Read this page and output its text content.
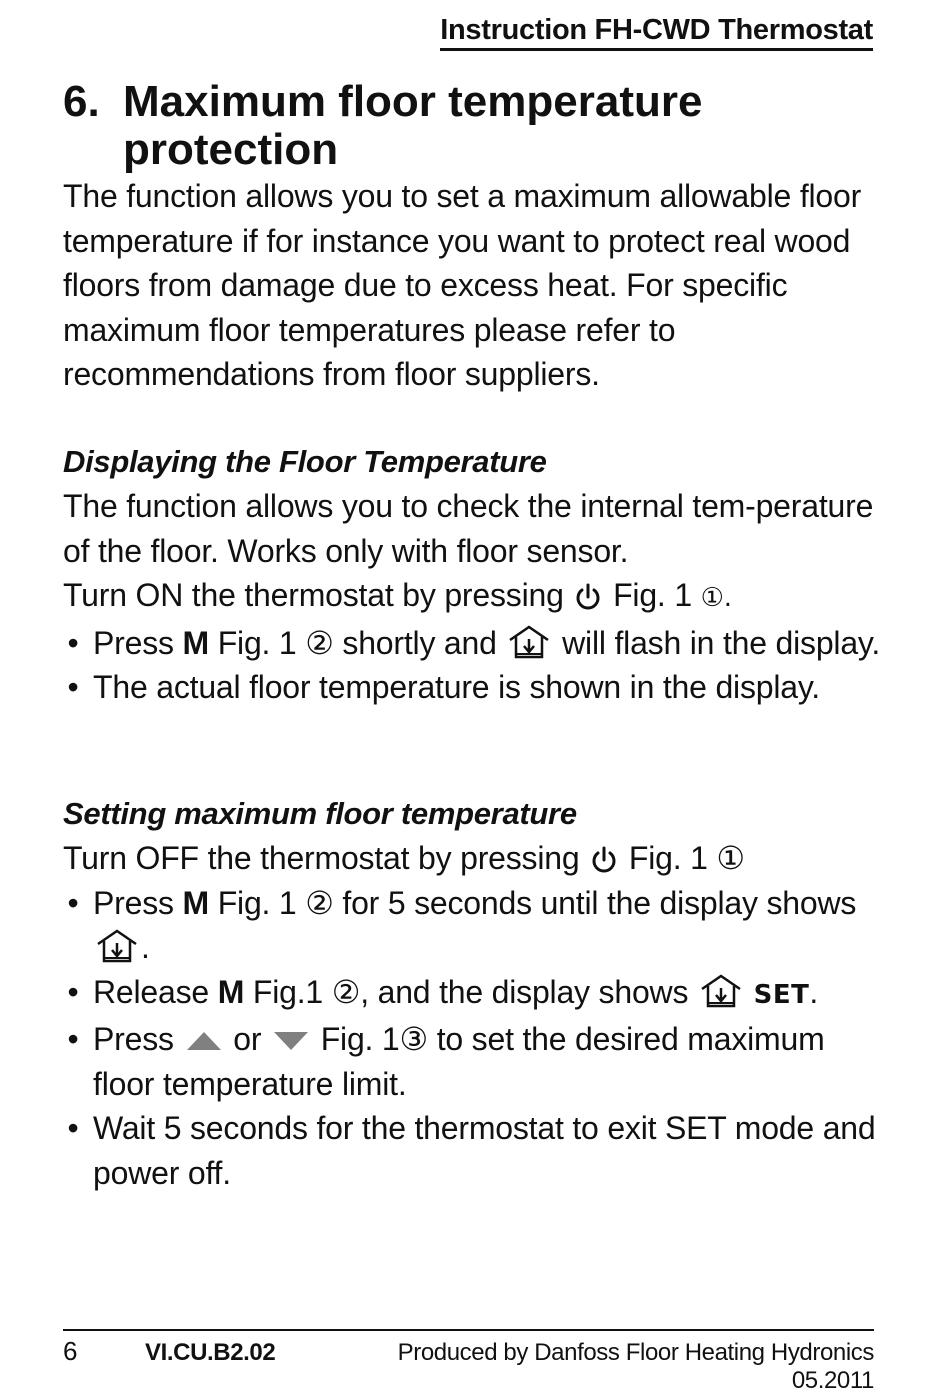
Instruction FH-CWD Thermostat
6. Maximum floor temperature protection
The function allows you to set a maximum allowable floor temperature if for instance you want to protect real wood floors from damage due to excess heat. For specific maximum floor temperatures please refer to recommendations from floor suppliers.
Displaying the Floor Temperature
The function allows you to check the internal tem-perature of the floor. Works only with floor sensor.
Turn ON the thermostat by pressing Fig. 1 ①.
• Press M Fig. 1 ② shortly and will flash in the display.
• The actual floor temperature is shown in the display.
Setting maximum floor temperature
Turn OFF the thermostat by pressing Fig. 1 ①
• Press M Fig. 1 ② for 5 seconds until the display shows .
• Release M Fig.1 ②, and the display shows	SET.
• Press or Fig. 1③ to set the desired maximum floor temperature limit.
• Wait 5 seconds for the thermostat to exit SET mode and power off.
6	VI.CU.B2.02	Produced by Danfoss Floor Heating Hydronics 05.2011
